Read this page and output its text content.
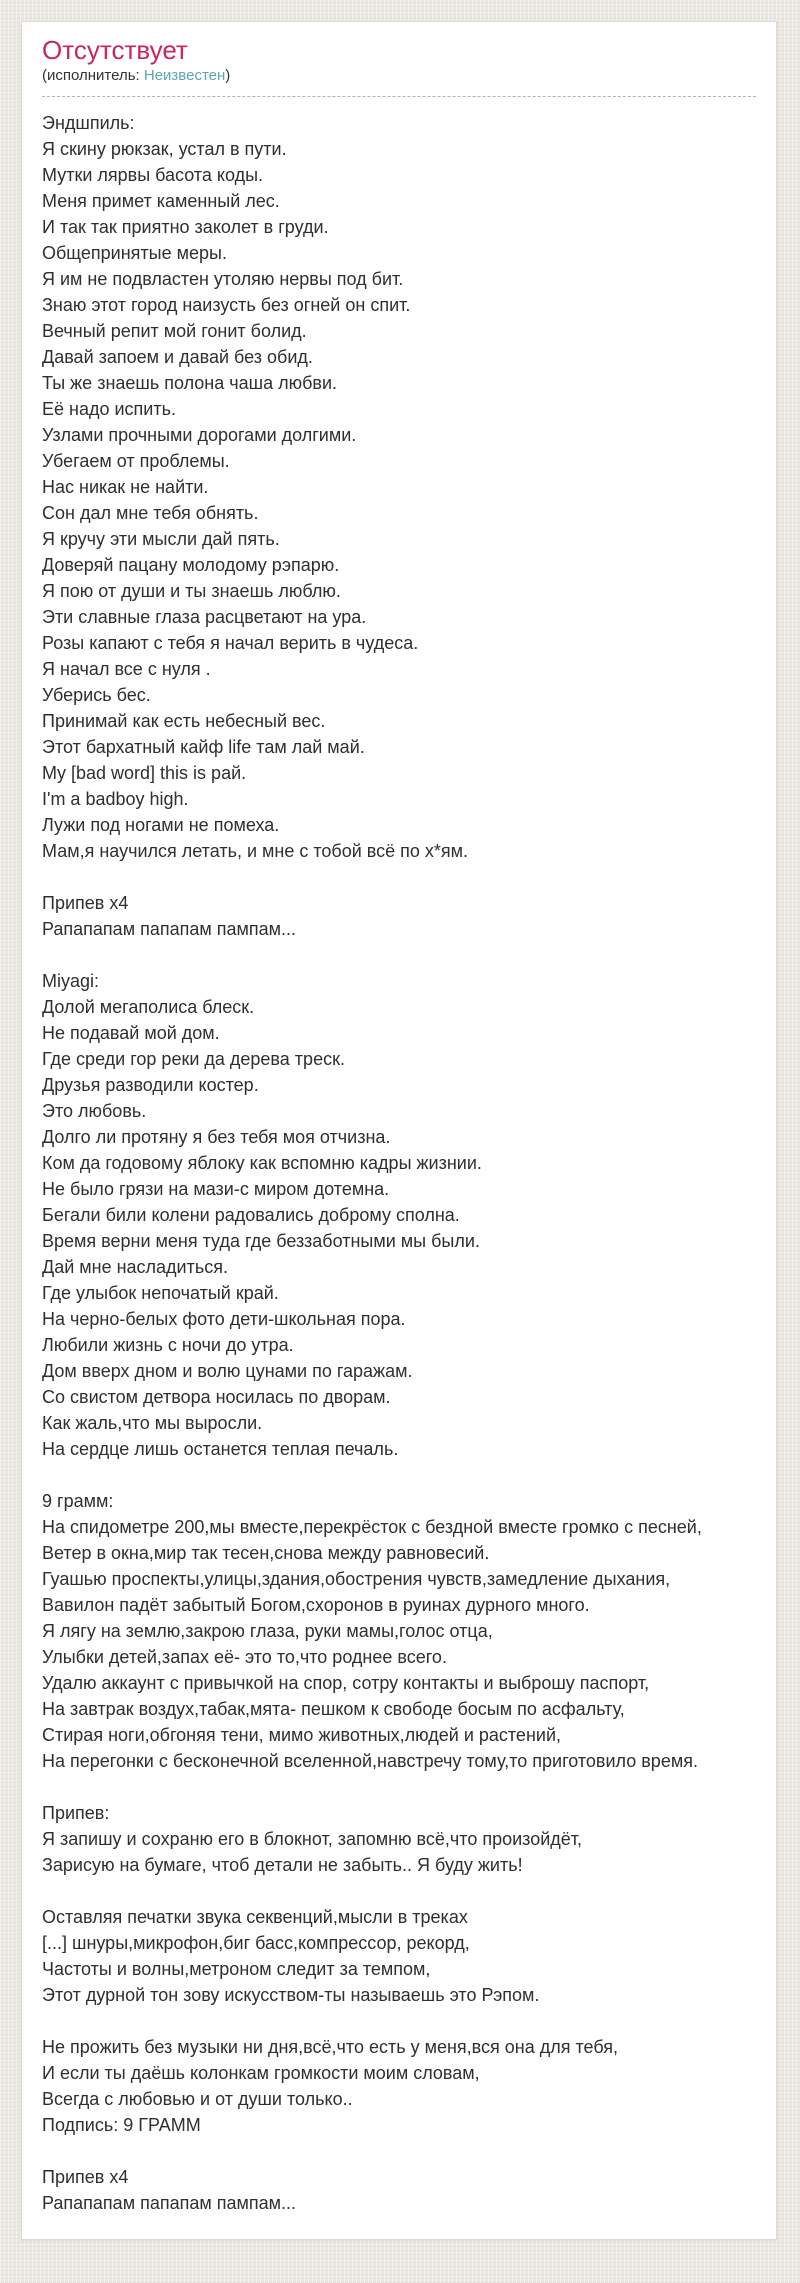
Отсутствует
(исполнитель: Неизвестен)
Эндшпиль:
Я скину рюкзак, устал в пути.
Мутки лярвы басота коды.
Меня примет каменный лес.
И так так приятно заколет в груди.
Общепринятые меры.
Я им не подвластен утоляю нервы под бит.
Знаю этот город наизусть без огней он спит.
Вечный репит мой гонит болид.
Давай запоем и давай без обид.
Ты же знаешь полона чаша любви.
Её надо испить.
Узлами прочными дорогами долгими.
Убегаем от проблемы.
Нас никак не найти.
Сон дал мне тебя обнять.
Я кручу эти мысли дай пять.
Доверяй пацану молодому рэпарю.
Я пою от души и ты знаешь люблю.
Эти славные глаза расцветают на ура.
Розы капают с тебя я начал верить в чудеса.
Я начал все с нуля .
Уберись бес.
Принимай как есть небесный вес.
Этот бархатный кайф life там лай май.
My [bad word] this is рай.
I'm a badboy high.
Лужи под ногами не помеха.
Мам,я научился летать, и мне с тобой всё по х*ям.
Припев x4
Рапапапам папапам пампам...
Miyagi:
Долой мегаполиса блеск.
Не подавай мой дом.
Где среди гор реки да дерева треск.
Друзья разводили костер.
Это любовь.
Долго ли протяну я без тебя моя отчизна.
Ком да годовому яблоку как вспомню кадры жизнии.
Не было грязи на мази-с миром дотемна.
Бегали били колени радовались доброму сполна.
Время верни меня туда где беззаботными мы были.
Дай мне насладиться.
Где улыбок непочатый край.
На черно-белых фото дети-школьная пора.
Любили жизнь с ночи до утра.
Дом вверх дном и волю цунами по гаражам.
Со свистом детвора носилась по дворам.
Как жаль,что мы выросли.
На сердце лишь останется теплая печаль.
9 грамм:
На спидометре 200,мы вместе,перекрёсток с бездной вместе громко с песней,
Ветер в окна,мир так тесен,снова между равновесий.
Гуашью проспекты,улицы,здания,обострения чувств,замедление дыхания,
Вавилон падёт забытый Богом,схоронов в руинах дурного много.
Я лягу на землю,закрою глаза, руки мамы,голос отца,
Улыбки детей,запах её- это то,что роднее всего.
Удалю аккаунт с привычкой на спор, сотру контакты и выброшу паспорт,
На завтрак воздух,табак,мята- пешком к свободе босым по асфальту,
Стирая ноги,обгоняя тени, мимо животных,людей и растений,
На перегонки с бесконечной вселенной,навстречу тому,то приготовило время.
Припев:
Я запишу и сохраню его в блокнот, запомню всё,что произойдёт,
Зарисую на бумаге, чтоб детали не забыть.. Я буду жить!
Оставляя печатки звука секвенций,мысли в треках
[...] шнуры,микрофон,биг басс,компрессор, рекорд,
Частоты и волны,метроном следит за темпом,
Этот дурной тон зову искусством-ты называешь это Рэпом.
Не прожить без музыки ни дня,всё,что есть у меня,вся она для тебя,
И если ты даёшь колонкам громкости моим словам,
Всегда с любовью и от души только..
Подпись: 9 ГРАММ
Припев x4
Рапапапам папапам пампам...
